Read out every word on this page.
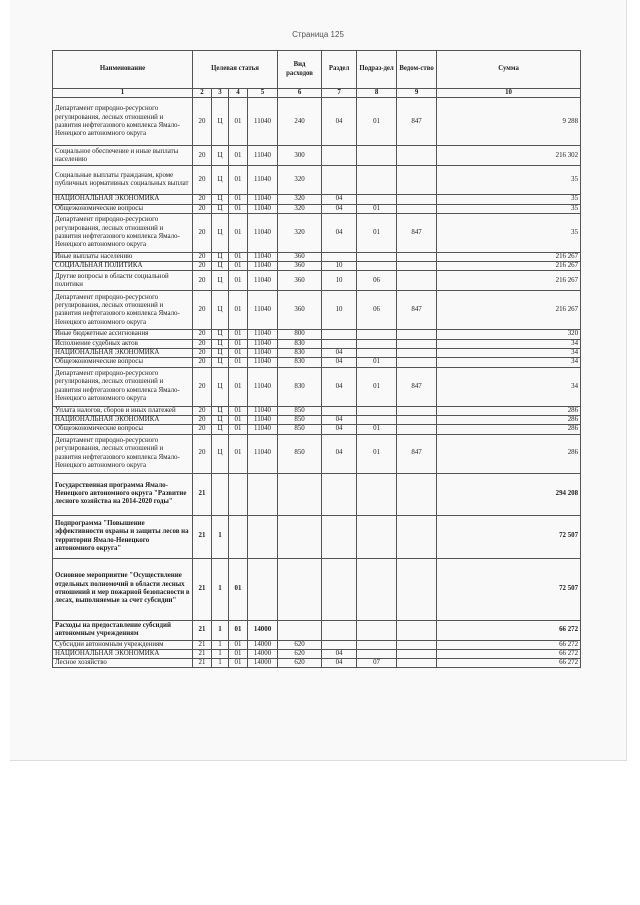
Страница 125
Наименование	Целевая статья				Вид расходов	Раздел	Подраз-дел	Ведом-ство	Сумма
1	2	3	4	5	6	7	8	9	10
Департамент природно-ресурсного регулирования, лесных отношений и развития нефтегазового комплекса Ямало-Ненецкого автономного округа	20	Ц	01	11040	240	04	01	847	9 288
Социальное обеспечение и иные выплаты населению	20	Ц	01	11040	300				216 302
Социальные выплаты гражданам, кроме публичных нормативных социальных выплат	20	Ц	01	11040	320				35
НАЦИОНАЛЬНАЯ ЭКОНОМИКА	20	Ц	01	11040	320	04			35
Общеэкономические вопросы	20	Ц	01	11040	320	04	01		35
Департамент природно-ресурсного регулирования, лесных отношений и развития нефтегазового комплекса Ямало-Ненецкого автономного округа	20	Ц	01	11040	320	04	01	847	35
Иные выплаты населению	20	Ц	01	11040	360				216 267
СОЦИАЛЬНАЯ ПОЛИТИКА	20	Ц	01	11040	360	10			216 267
Другие вопросы в области социальной политики	20	Ц	01	11040	360	10	06		216 267
Департамент природно-ресурсного регулирования, лесных отношений и развития нефтегазового комплекса Ямало-Ненецкого автономного округа	20	Ц	01	11040	360	10	06	847	216 267
Иные бюджетные ассигнования	20	Ц	01	11040	800				320
Исполнение судебных актов	20	Ц	01	11040	830				34
НАЦИОНАЛЬНАЯ ЭКОНОМИКА	20	Ц	01	11040	830	04			34
Общеэкономические вопросы	20	Ц	01	11040	830	04	01		34
Департамент природно-ресурсного регулирования, лесных отношений и развития нефтегазового комплекса Ямало-Ненецкого автономного округа	20	Ц	01	11040	830	04	01	847	34
Уплата налогов, сборов и иных платежей	20	Ц	01	11040	850				286
НАЦИОНАЛЬНАЯ ЭКОНОМИКА	20	Ц	01	11040	850	04			286
Общеэкономические вопросы	20	Ц	01	11040	850	04	01		286
Департамент природно-ресурсного регулирования, лесных отношений и развития нефтегазового комплекса Ямало-Ненецкого автономного округа	20	Ц	01	11040	850	04	01	847	286
Государственная программа Ямало-Ненецкого автономного округа "Развитие лесного хозяйства на 2014-2020 годы"	21								294 208
Подпрограмма "Повышение эффективности охраны и защиты лесов на территории Ямало-Ненецкого автономного округа"	21	1							72 507
Основное мероприятие "Осуществление отдельных полномочий в области лесных отношений и мер пожарной безопасности в лесах, выполняемые за счет субсидии"	21	1	01						72 507
Расходы на предоставление субсидий автономным учреждениям	21	1	01	14000					66 272
Субсидии автономным учреждениям	21	1	01	14000	620				66 272
НАЦИОНАЛЬНАЯ ЭКОНОМИКА	21	1	01	14000	620	04			66 272
Лесное хозяйство	21	1	01	14000	620	04	07		66 272
